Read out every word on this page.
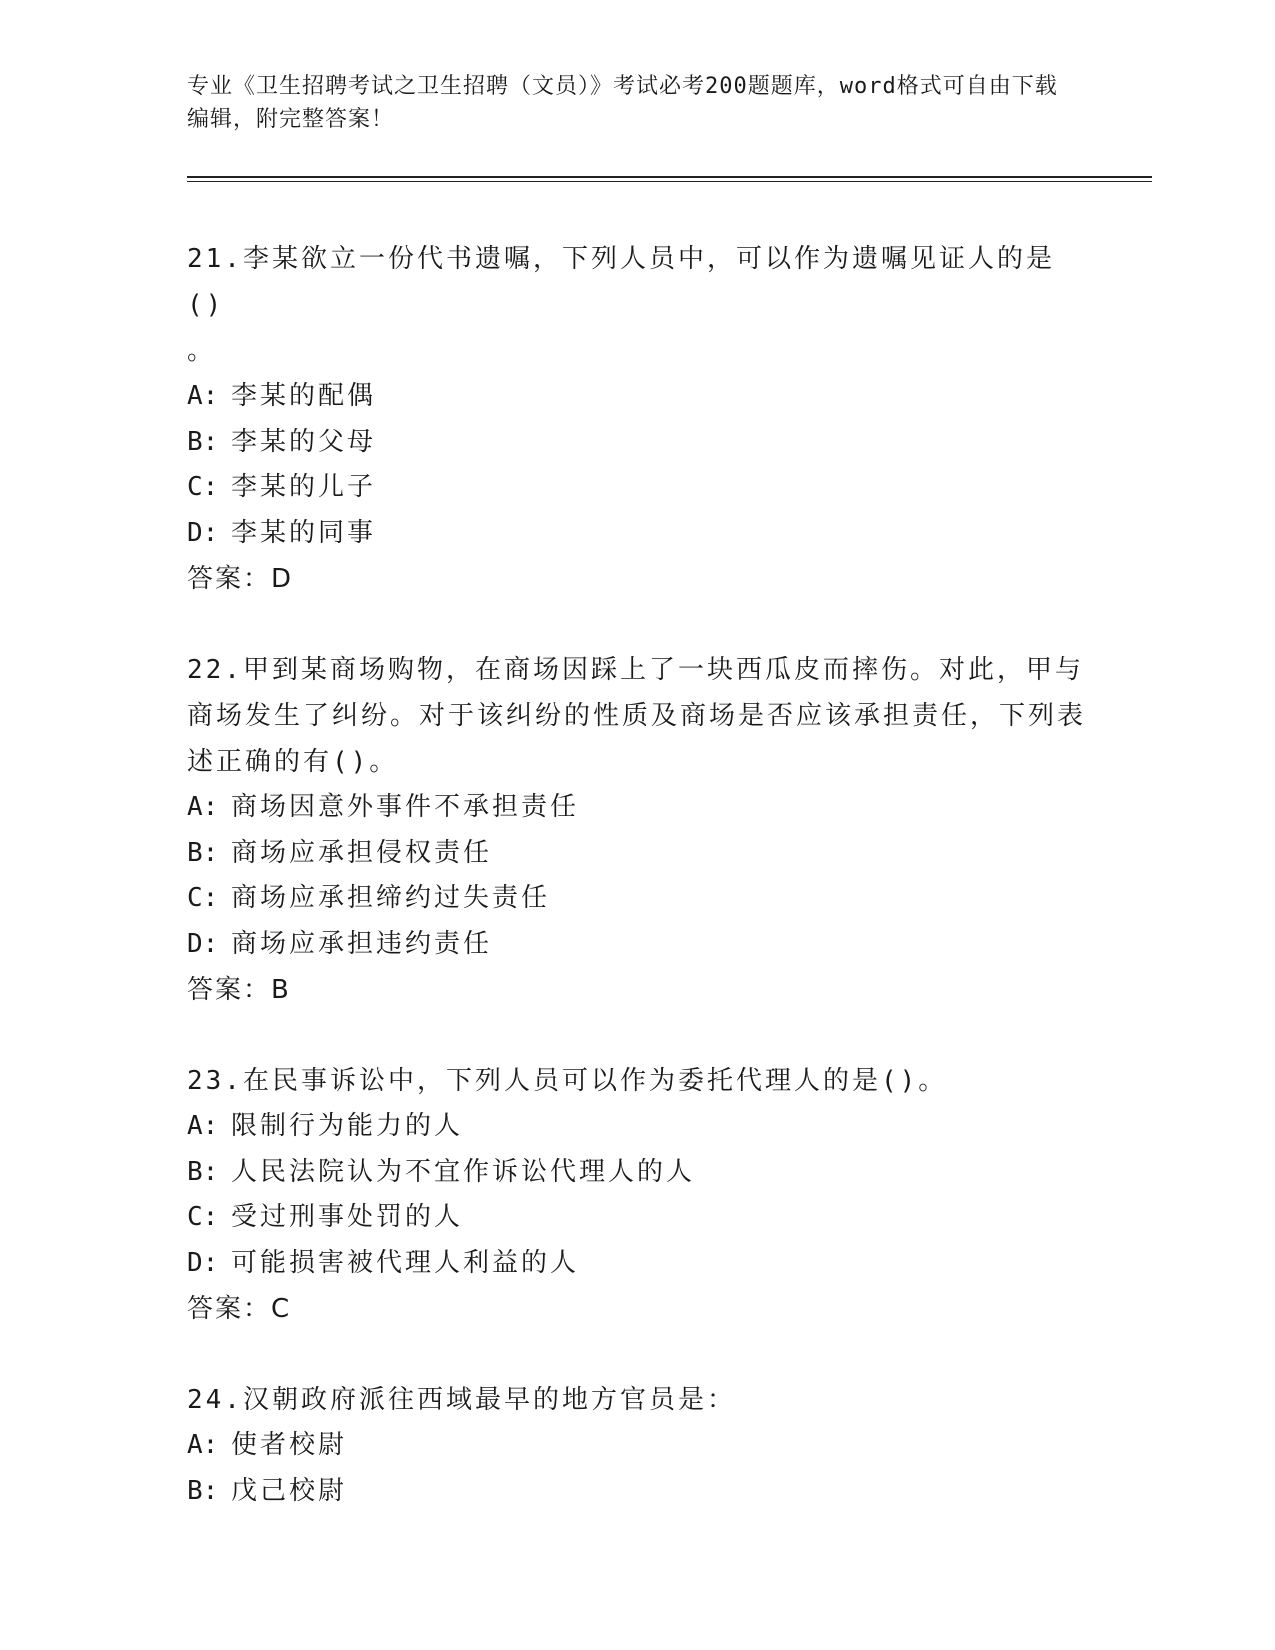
专业《卫生招聘考试之卫生招聘（文员）》考试必考200题题库，word格式可自由下载编辑，附完整答案！

21.李某欲立一份代书遗嘱，下列人员中，可以作为遗嘱见证人的是()
。

A: 李某的配偶

B: 李某的父母

C: 李某的儿子

D: 李某的同事

答案：D

22.甲到某商场购物，在商场因踩上了一块西瓜皮而摔伤。对此，甲与商场发生了纠纷。对于该纠纷的性质及商场是否应该承担责任，下列表述正确的有()。

A: 商场因意外事件不承担责任

B: 商场应承担侵权责任

C: 商场应承担缔约过失责任

D: 商场应承担违约责任

答案：B

23.在民事诉讼中，下列人员可以作为委托代理人的是()。

A: 限制行为能力的人

B: 人民法院认为不宜作诉讼代理人的人

C: 受过刑事处罚的人

D: 可能损害被代理人利益的人

答案：C

24.汉朝政府派往西域最早的地方官员是：

A: 使者校尉

B: 戊己校尉
